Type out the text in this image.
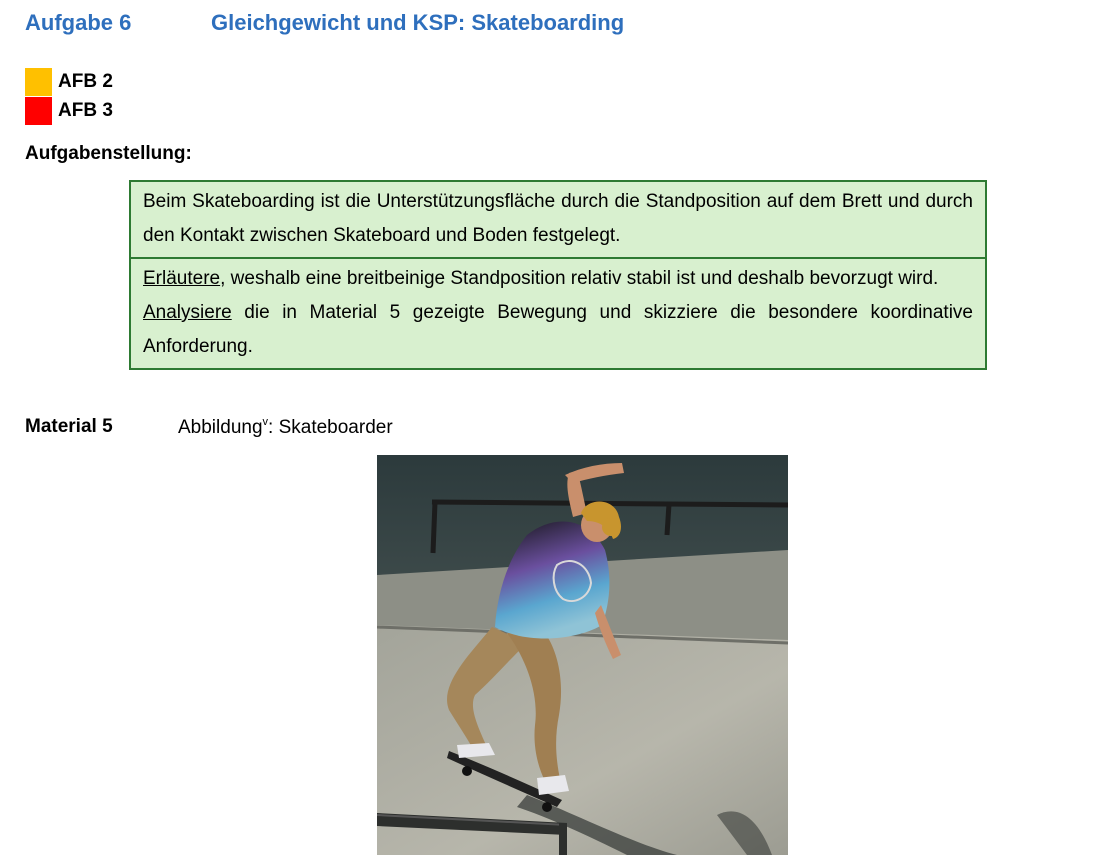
Aufgabe 6	Gleichgewicht und KSP: Skateboarding
AFB 2
AFB 3
Aufgabenstellung:
Beim Skateboarding ist die Unterstützungsfläche durch die Standposition auf dem Brett und durch den Kontakt zwischen Skateboard und Boden festgelegt.
Erläutere, weshalb eine breitbeinige Standposition relativ stabil ist und deshalb bevorzugt wird.
Analysiere die in Material 5 gezeigte Bewegung und skizziere die besondere koordinative Anforderung.
Material 5	Abbildung$^v$: Skateboarder
